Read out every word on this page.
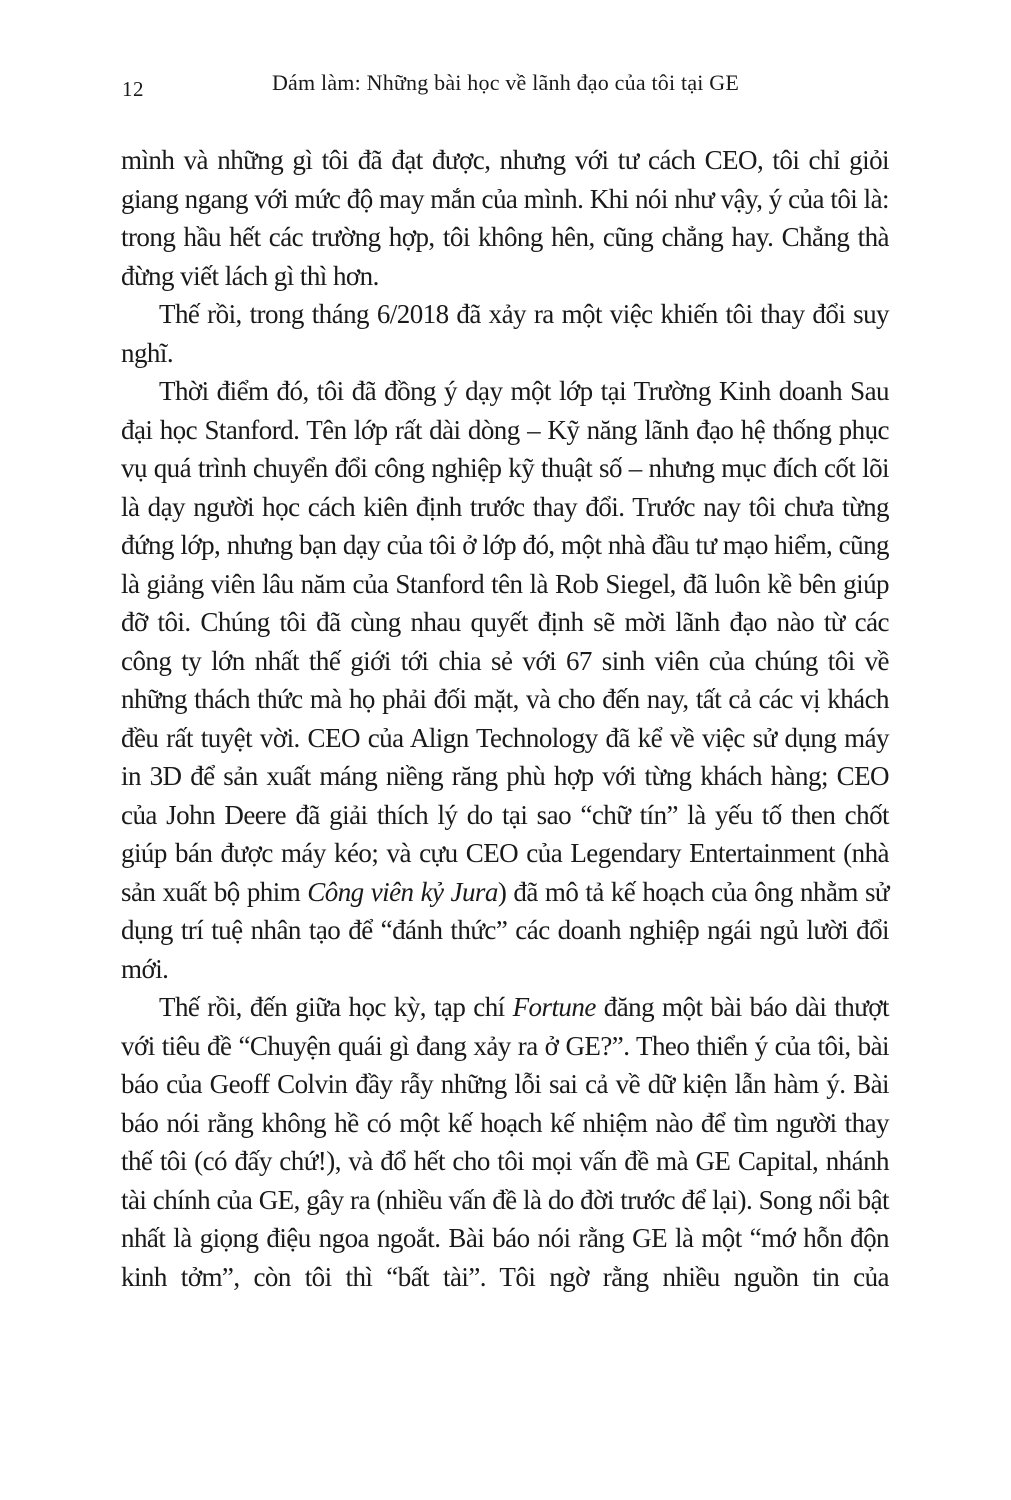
12	Dám làm: Những bài học về lãnh đạo của tôi tại GE

mình và những gì tôi đã đạt được, nhưng với tư cách CEO, tôi chỉ giỏi giang ngang với mức độ may mắn của mình. Khi nói như vậy, ý của tôi là: trong hầu hết các trường hợp, tôi không hên, cũng chẳng hay. Chẳng thà đừng viết lách gì thì hơn.

Thế rồi, trong tháng 6/2018 đã xảy ra một việc khiến tôi thay đổi suy nghĩ.

Thời điểm đó, tôi đã đồng ý dạy một lớp tại Trường Kinh doanh Sau đại học Stanford. Tên lớp rất dài dòng – Kỹ năng lãnh đạo hệ thống phục vụ quá trình chuyển đổi công nghiệp kỹ thuật số – nhưng mục đích cốt lõi là dạy người học cách kiên định trước thay đổi. Trước nay tôi chưa từng đứng lớp, nhưng bạn dạy của tôi ở lớp đó, một nhà đầu tư mạo hiểm, cũng là giảng viên lâu năm của Stanford tên là Rob Siegel, đã luôn kề bên giúp đỡ tôi. Chúng tôi đã cùng nhau quyết định sẽ mời lãnh đạo nào từ các công ty lớn nhất thế giới tới chia sẻ với 67 sinh viên của chúng tôi về những thách thức mà họ phải đối mặt, và cho đến nay, tất cả các vị khách đều rất tuyệt vời. CEO của Align Technology đã kể về việc sử dụng máy in 3D để sản xuất máng niềng răng phù hợp với từng khách hàng; CEO của John Deere đã giải thích lý do tại sao “chữ tín” là yếu tố then chốt giúp bán được máy kéo; và cựu CEO của Legendary Entertainment (nhà sản xuất bộ phim Công viên kỷ Jura) đã mô tả kế hoạch của ông nhằm sử dụng trí tuệ nhân tạo để “đánh thức” các doanh nghiệp ngái ngủ lười đổi mới.

Thế rồi, đến giữa học kỳ, tạp chí Fortune đăng một bài báo dài thượt với tiêu đề “Chuyện quái gì đang xảy ra ở GE?”. Theo thiển ý của tôi, bài báo của Geoff Colvin đầy rẫy những lỗi sai cả về dữ kiện lẫn hàm ý. Bài báo nói rằng không hề có một kế hoạch kế nhiệm nào để tìm người thay thế tôi (có đấy chứ!), và đổ hết cho tôi mọi vấn đề mà GE Capital, nhánh tài chính của GE, gây ra (nhiều vấn đề là do đời trước để lại). Song nổi bật nhất là giọng điệu ngoa ngoắt. Bài báo nói rằng GE là một “mớ hỗn độn kinh tởm”, còn tôi thì “bất tài”. Tôi ngờ rằng nhiều nguồn tin của
